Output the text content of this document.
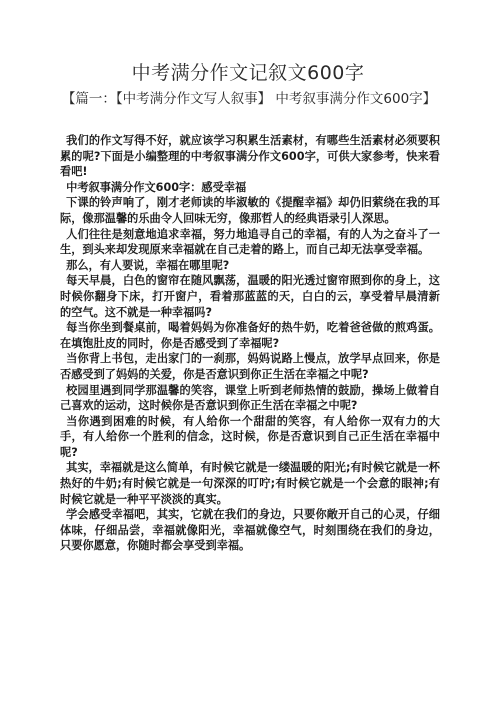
中考满分作文记叙文600字
【篇一：【中考满分作文写人叙事】 中考叙事满分作文600字】

我们的作文写得不好，就应该学习积累生活素材，有哪些生活素材必须要积累的呢?下面是小编整理的中考叙事满分作文600字，可供大家参考，快来看看吧!

中考叙事满分作文600字：感受幸福

下课的铃声响了，刚才老师读的毕淑敏的《提醒幸福》却仍旧萦绕在我的耳际，像那温馨的乐曲令人回味无穷，像那哲人的经典语录引人深思。

人们往往是刻意地追求幸福，努力地追寻自己的幸福，有的人为之奋斗了一生，到头来却发现原来幸福就在自己走着的路上，而自己却无法享受幸福。

那么，有人要说，幸福在哪里呢?

每天早晨，白色的窗帘在随风飘荡，温暖的阳光透过窗帘照到你的身上，这时候你翻身下床，打开窗户，看着那蓝蓝的天，白白的云，享受着早晨清新的空气。这不就是一种幸福吗?

每当你坐到餐桌前，喝着妈妈为你准备好的热牛奶，吃着爸爸做的煎鸡蛋。在填饱肚皮的同时，你是否感受到了幸福呢?

当你背上书包，走出家门的一刹那，妈妈说路上慢点，放学早点回来，你是否感受到了妈妈的关爱，你是否意识到你正生活在幸福之中呢?

校园里遇到同学那温馨的笑容，课堂上听到老师热情的鼓励，操场上做着自己喜欢的运动，这时候你是否意识到你正生活在幸福之中呢?

当你遇到困难的时候，有人给你一个甜甜的笑容，有人给你一双有力的大手，有人给你一个胜利的信念，这时候，你是否意识到自己正生活在幸福中呢?

其实，幸福就是这么简单，有时候它就是一缕温暖的阳光;有时候它就是一杯热好的牛奶;有时候它就是一句深深的叮咛;有时候它就是一个会意的眼神;有时候它就是一种平平淡淡的真实。

学会感受幸福吧，其实，它就在我们的身边，只要你敞开自己的心灵，仔细体味，仔细品尝，幸福就像阳光，幸福就像空气，时刻围绕在我们的身边，只要你愿意，你随时都会享受到幸福。
